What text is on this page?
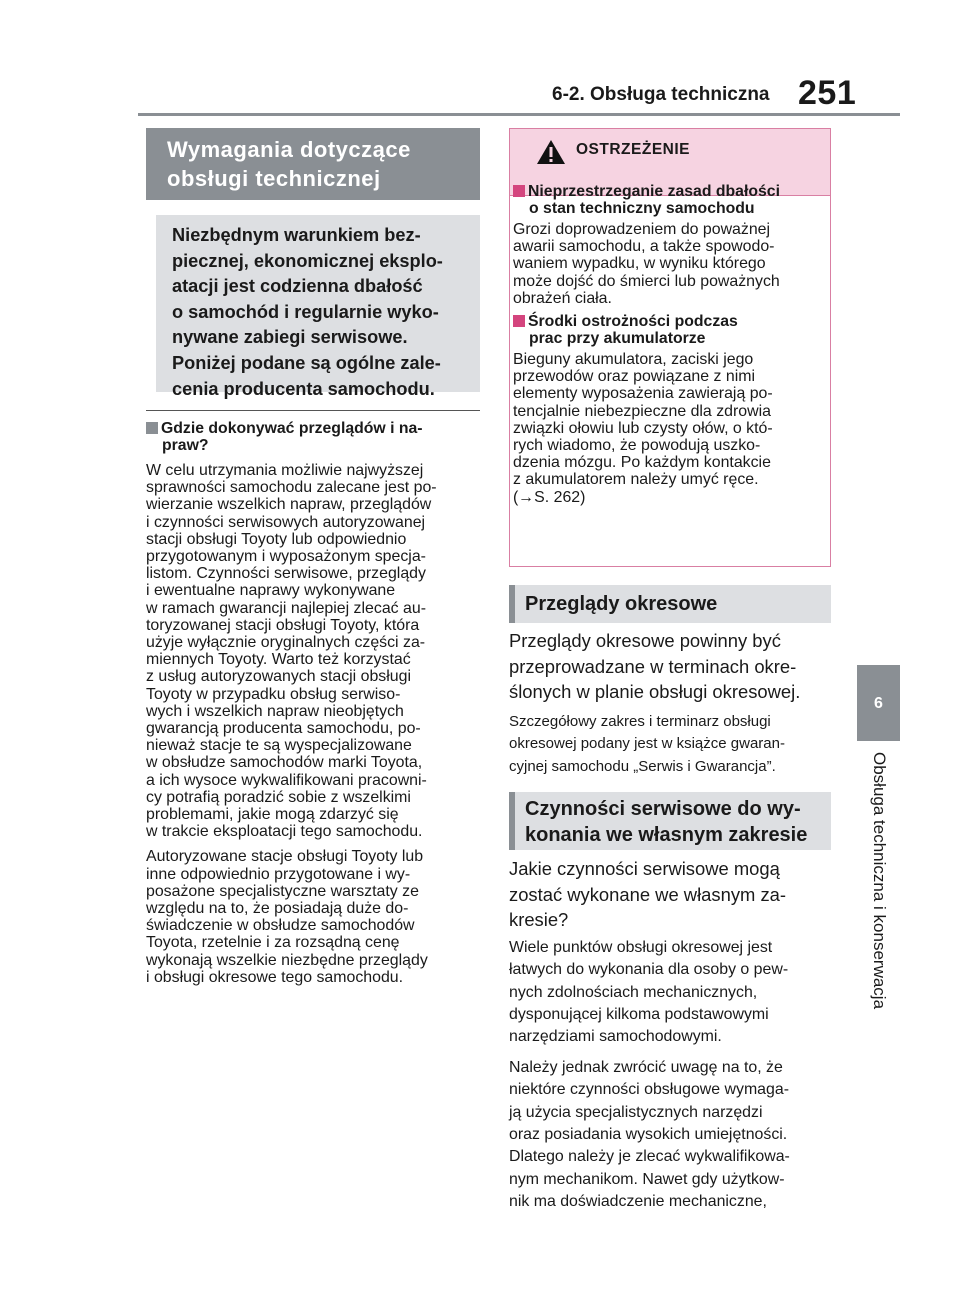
6-2. Obsługa techniczna 251
6
Obsługa techniczna i konserwacja
Wymagania dotyczące
obsługi technicznej
Niezbędnym warunkiem bez-
piecznej, ekonomicznej eksplo-
atacji jest codzienna dbałość
o samochód i regularnie wyko-
nywane zabiegi serwisowe.
Poniżej podane są ogólne zale-
cenia producenta samochodu.
Gdzie dokonywać przeglądów i na-
praw?

W celu utrzymania możliwie najwyższej
sprawności samochodu zalecane jest po-
wierzanie wszelkich napraw, przeglądów
i czynności serwisowych autoryzowanej
stacji obsługi Toyoty lub odpowiednio
przygotowanym i wyposażonym specja-
listom. Czynności serwisowe, przeglądy
i ewentualne naprawy wykonywane
w ramach gwarancji najlepiej zlecać au-
toryzowanej stacji obsługi Toyoty, która
użyje wyłącznie oryginalnych części za-
miennych Toyoty. Warto też korzystać
z usług autoryzowanych stacji obsługi
Toyoty w przypadku obsług serwiso-
wych i wszelkich napraw nieobjętych
gwarancją producenta samochodu, po-
nieważ stacje te są wyspecjalizowane
w obsłudze samochodów marki Toyota,
a ich wysoce wykwalifikowani pracowni-
cy potrafią poradzić sobie z wszelkimi
problemami, jakie mogą zdarzyć się
w trakcie eksploatacji tego samochodu.

Autoryzowane stacje obsługi Toyoty lub
inne odpowiednio przygotowane i wy-
posażone specjalistyczne warsztaty ze
względu na to, że posiadają duże do-
świadczenie w obsłudze samochodów
Toyota, rzetelnie i za rozsądną cenę
wykonają wszelkie niezbędne przeglądy
i obsługi okresowe tego samochodu.

OSTRZEŻENIE
Nieprzestrzeganie zasad dbałości
o stan techniczny samochodu

Grozi doprowadzeniem do poważnej
awarii samochodu, a także spowodo-
waniem wypadku, w wyniku którego
może dojść do śmierci lub poważnych
obrażeń ciała.

Środki ostrożności podczas
prac przy akumulatorze

Bieguny akumulatora, zaciski jego
przewodów oraz powiązane z nimi
elementy wyposażenia zawierają po-
tencjalnie niebezpieczne dla zdrowia
związki ołowiu lub czysty ołów, o któ-
rych wiadomo, że powodują uszko-
dzenia mózgu. Po każdym kontakcie
z akumulatorem należy umyć ręce.
(→S. 262)

Przeglądy okresowe

Przeglądy okresowe powinny być
przeprowadzane w terminach okre-
ślonych w planie obsługi okresowej.

Szczegółowy zakres i terminarz obsługi
okresowej podany jest w książce gwaran-
cyjnej samochodu „Serwis i Gwarancja”.

Czynności serwisowe do wy-
konania we własnym zakresie

Jakie czynności serwisowe mogą
zostać wykonane we własnym za-
kresie?

Wiele punktów obsługi okresowej jest
łatwych do wykonania dla osoby o pew-
nych zdolnościach mechanicznych,
dysponującej kilkoma podstawowymi
narzędziami samochodowymi.

Należy jednak zwrócić uwagę na to, że
niektóre czynności obsługowe wymaga-
ją użycia specjalistycznych narzędzi
oraz posiadania wysokich umiejętności.
Dlatego należy je zlecać wykwalifikowa-
nym mechanikom. Nawet gdy użytkow-
nik ma doświadczenie mechaniczne,
